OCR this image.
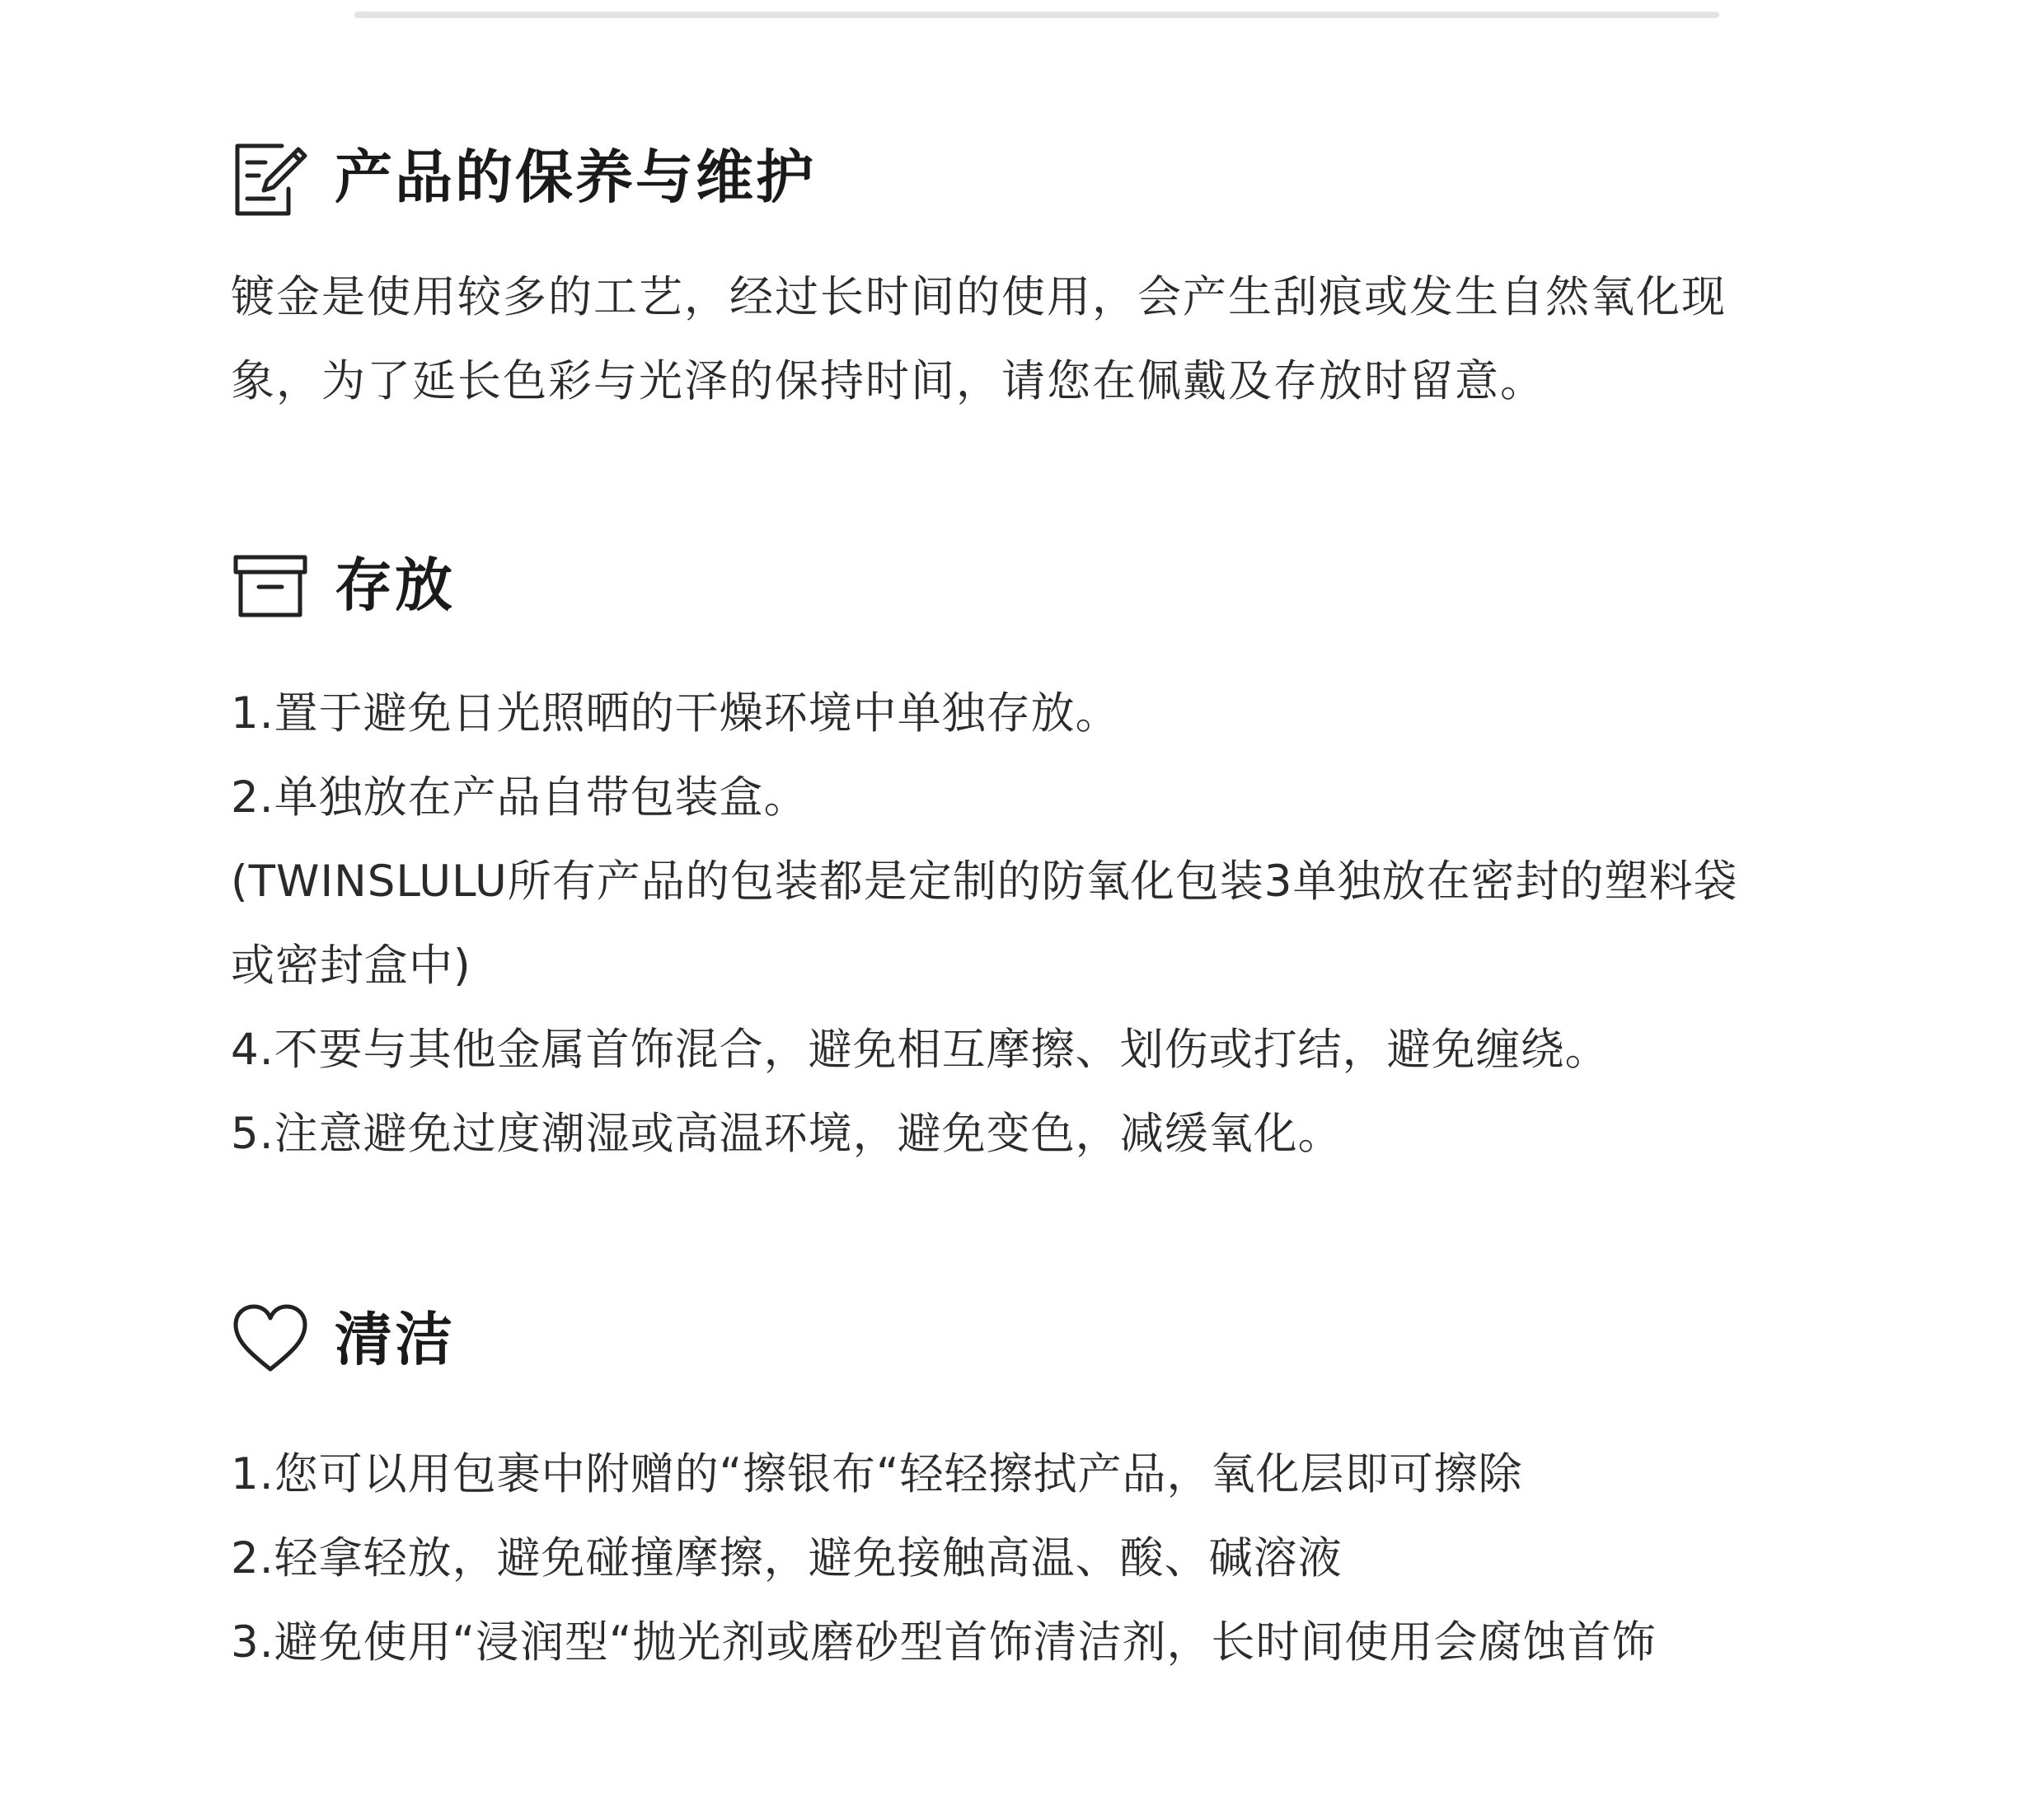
产品的保养与维护

镀金是使用较多的工艺，经过长时间的使用，会产生刮痕或发生自然氧化现象，为了延长色彩与光泽的保持时间，请您在佩戴及存放时留意。

存放
1.置于避免日光照晒的干燥环境中单独存放。
2.单独放在产品自带包装盒。
(TWINSLULU所有产品的包装都是定制的防氧化包装3单独放在密封的塑料袋或密封盒中)
4.不要与其他金属首饰混合，避免相互摩擦、划伤或打结，避免缠绕。
5.注意避免过度潮湿或高温环境，避免变色，减缓氧化。
清洁
1.您可以用包裹中附赠的“擦银布“轻轻擦拭产品，氧化层即可擦除
2.轻拿轻放，避免碰撞摩擦，避免接触高温、酸、碱溶液
3.避免使用“浸润型“抛光剂或磨砂型首饰清洁剂，长时间使用会腐蚀首饰
